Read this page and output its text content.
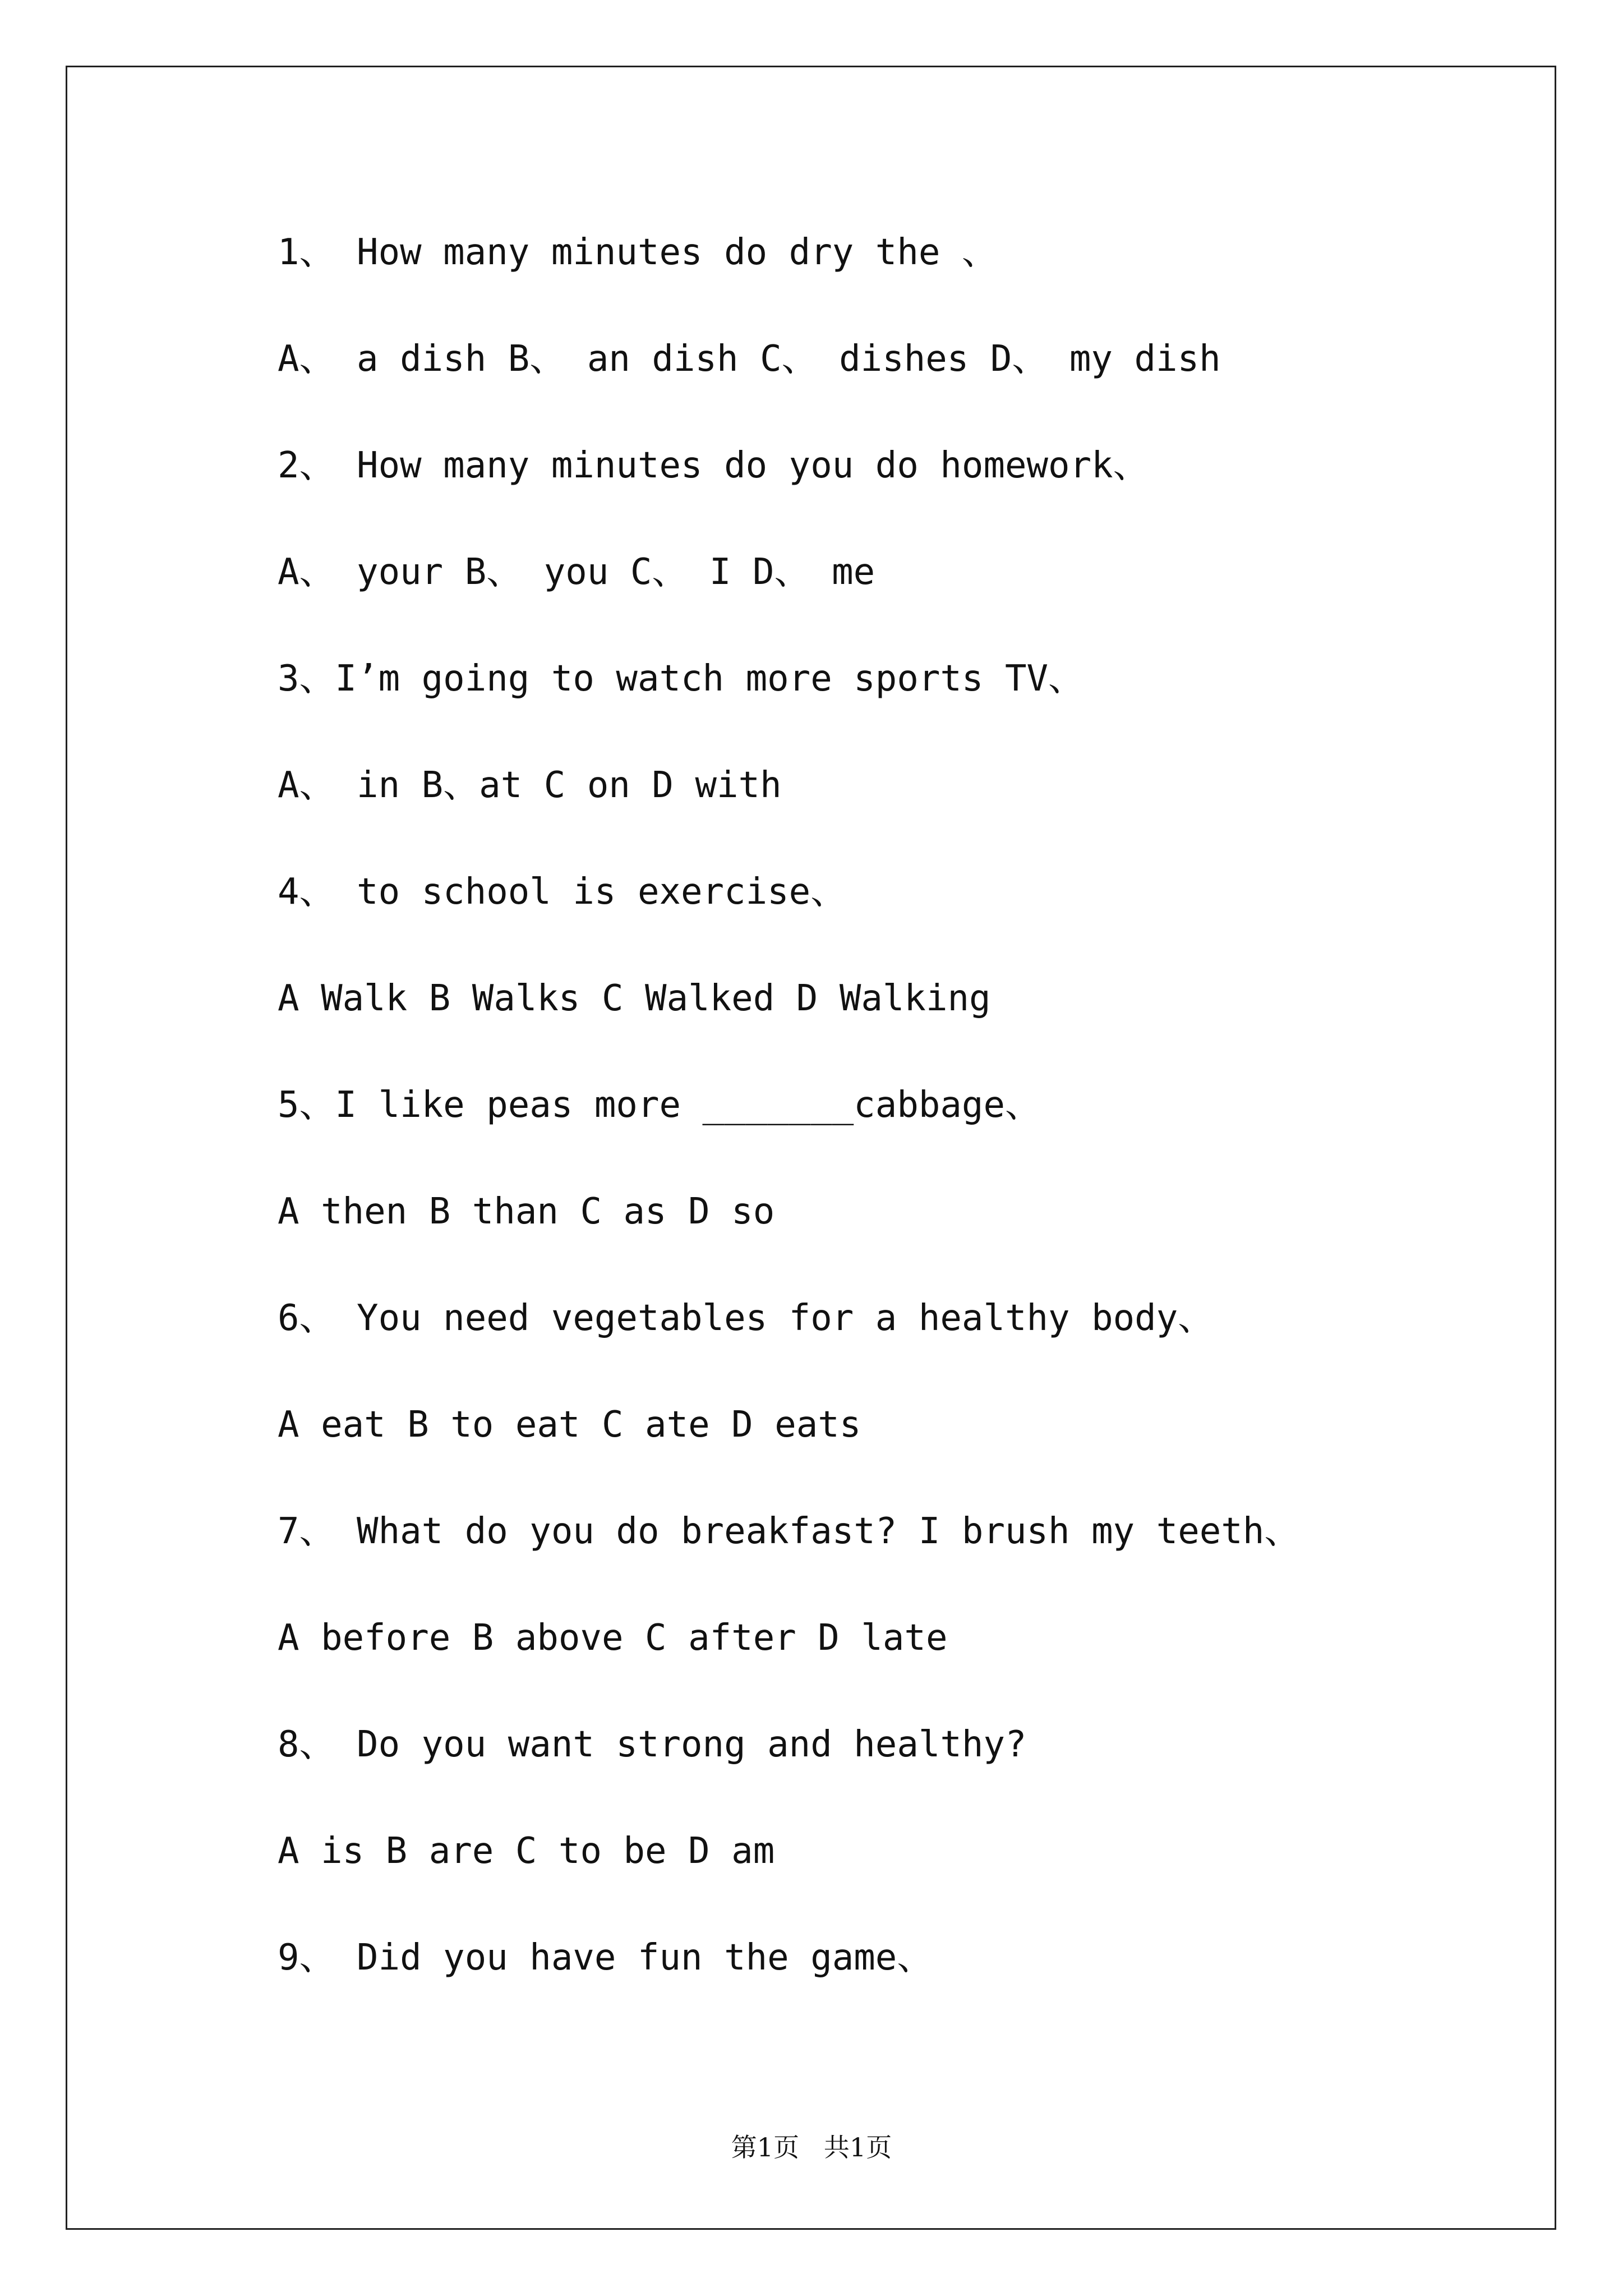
1、 How many minutes do dry the 、
A、 a dish B、 an dish C、 dishes D、 my dish
2、 How many minutes do you do homework、
A、 your B、 you C、 I D、 me
3、I’m going to watch more sports TV、
A、 in B、at C on D with
4、 to school is exercise、
A Walk B Walks C Walked D Walking
5、I like peas more _______cabbage、
A then B than C as D so
6、 You need vegetables for a healthy body、
A eat B to eat C ate D eats
7、 What do you do breakfast? I brush my teeth、
A before B above C after D late
8、 Do you want strong and healthy?
A is B are C to be D am
9、 Did you have fun the game、
第1页   共1页
